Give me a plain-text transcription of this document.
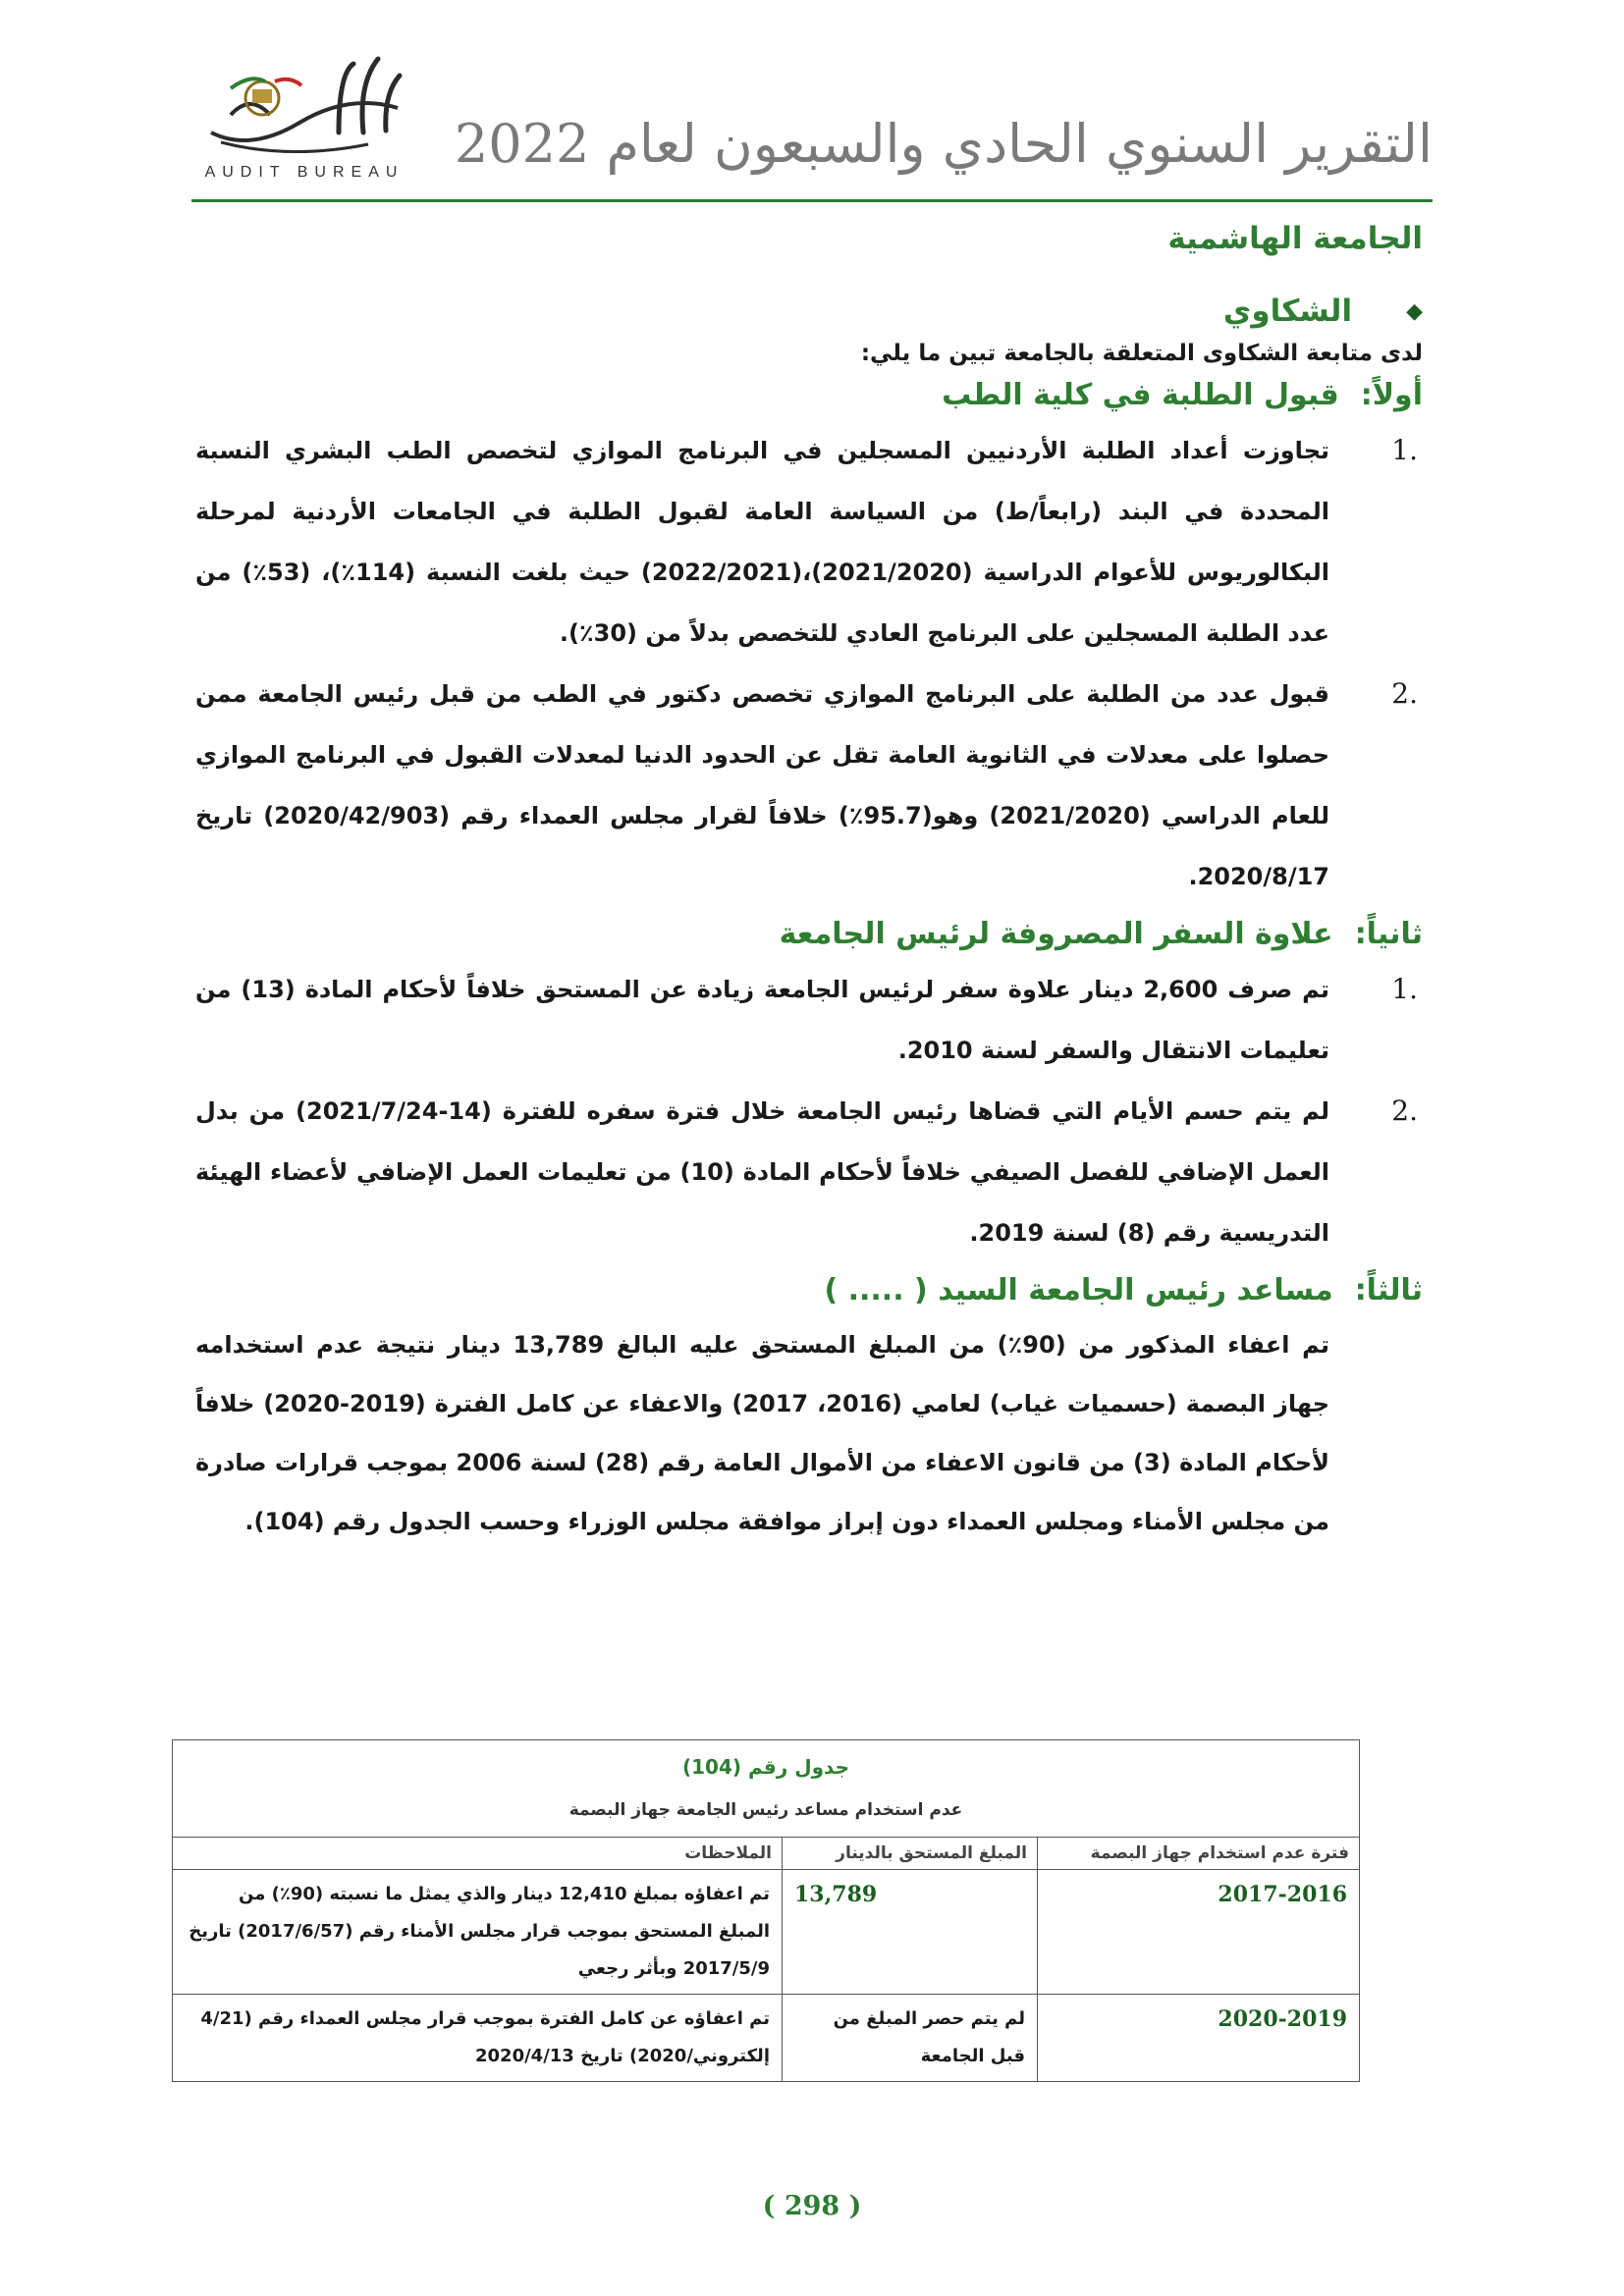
AUDIT BUREAU التقرير السنوي الحادي والسبعون لعام 2022
الجامعة الهاشمية
◆
الشكاوي
لدى متابعة الشكاوى المتعلقة بالجامعة تبين ما يلي:
أولاً:قبول الطلبة في كلية الطب
1.
تجاوزت أعداد الطلبة الأردنيين المسجلين في البرنامج الموازي لتخصص الطب البشري النسبة المحددة في البند (رابعاً/ط) من السياسة العامة لقبول الطلبة في الجامعات الأردنية لمرحلة البكالوريوس للأعوام الدراسية (2021/2020)،(2022/2021) حيث بلغت النسبة (114٪)، (53٪) من عدد الطلبة المسجلين على البرنامج العادي للتخصص بدلاً من (30٪).
2.
قبول عدد من الطلبة على البرنامج الموازي تخصص دكتور في الطب من قبل رئيس الجامعة ممن حصلوا على معدلات في الثانوية العامة تقل عن الحدود الدنيا لمعدلات القبول في البرنامج الموازي للعام الدراسي (2021/2020) وهو(95.7٪) خلافاً لقرار مجلس العمداء رقم (2020/42/903) تاريخ 2020/8/17.
ثانياً:علاوة السفر المصروفة لرئيس الجامعة
1.
تم صرف 2,600 دينار علاوة سفر لرئيس الجامعة زيادة عن المستحق خلافاً لأحكام المادة (13) من تعليمات الانتقال والسفر لسنة 2010.
2.
لم يتم حسم الأيام التي قضاها رئيس الجامعة خلال فترة سفره للفترة (14-2021/7/24) من بدل العمل الإضافي للفصل الصيفي خلافاً لأحكام المادة (10) من تعليمات العمل الإضافي لأعضاء الهيئة التدريسية رقم (8) لسنة 2019.
ثالثاً:مساعد رئيس الجامعة السيد ( ..... )

تم اعفاء المذكور من (90٪) من المبلغ المستحق عليه البالغ 13,789 دينار نتيجة عدم استخدامه جهاز البصمة (حسميات غياب) لعامي (2016، 2017) والاعفاء عن كامل الفترة (2019-2020) خلافاً لأحكام المادة (3) من قانون الاعفاء من الأموال العامة رقم (28) لسنة 2006 بموجب قرارات صادرة من مجلس الأمناء ومجلس العمداء دون إبراز موافقة مجلس الوزراء وحسب الجدول رقم (104).

جدول رقم (104)		
عدم استخدام مساعد رئيس الجامعة جهاز البصمة		
فترة عدم استخدام جهاز البصمة	المبلغ المستحق بالدينار	الملاحظات
2017-2016	13,789	تم اعفاؤه بمبلغ 12,410 دينار والذي يمثل ما نسبته (90٪) من المبلغ المستحق بموجب قرار مجلس الأمناء رقم (2017/6/57) تاريخ 2017/5/9 وبأثر رجعي
2020-2019	لم يتم حصر المبلغ من قبل الجامعة	تم اعفاؤه عن كامل الفترة بموجب قرار مجلس العمداء رقم (4/21 إلكتروني/2020) تاريخ 2020/4/13
( 298 )
